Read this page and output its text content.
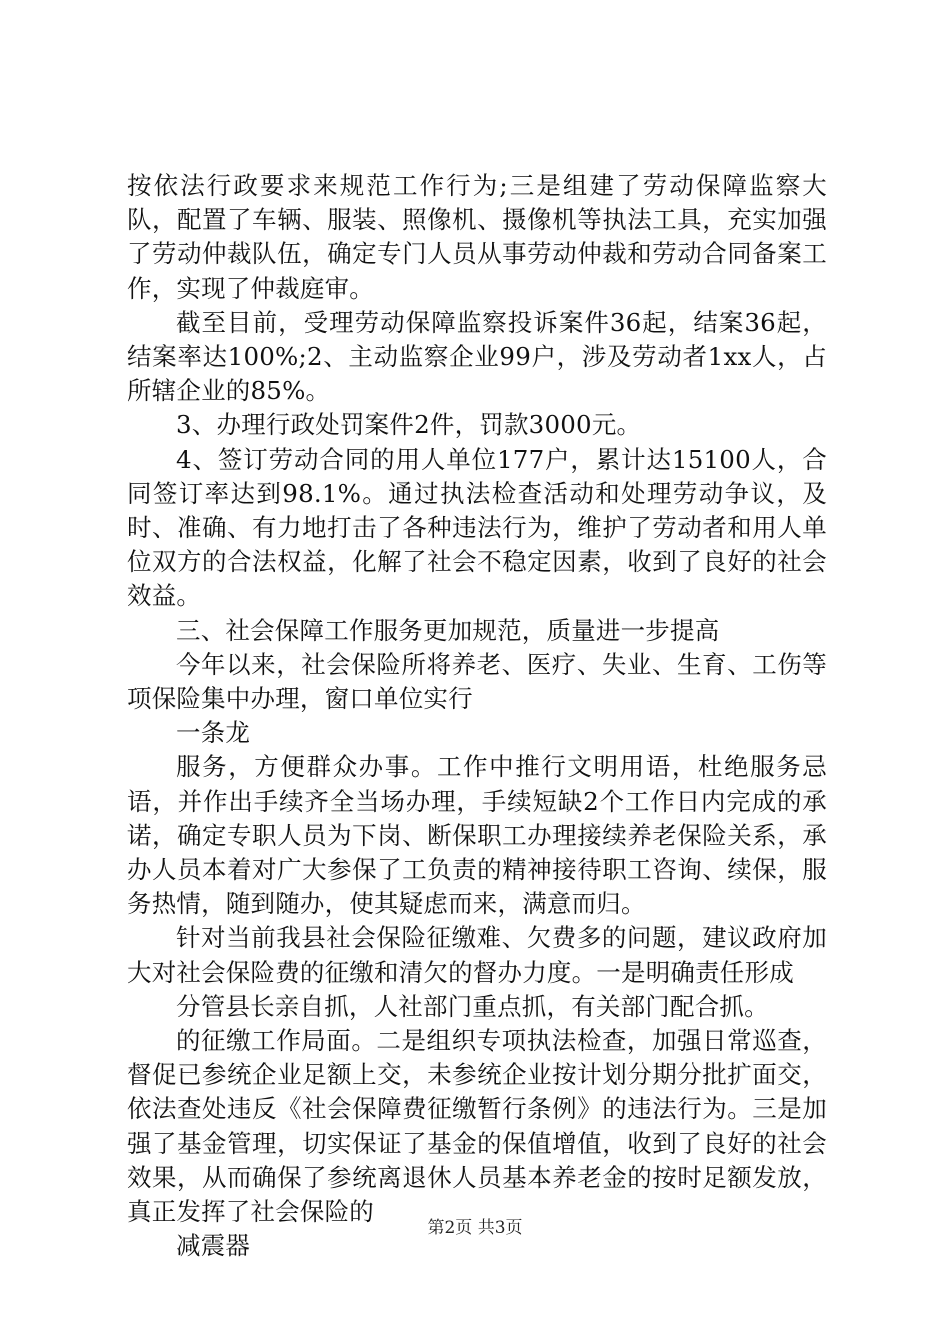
按依法行政要求来规范工作行为;三是组建了劳动保障监察大队，配置了车辆、服装、照像机、摄像机等执法工具，充实加强了劳动仲裁队伍，确定专门人员从事劳动仲裁和劳动合同备案工作，实现了仲裁庭审。

截至目前，受理劳动保障监察投诉案件36起，结案36起，结案率达100%;2、主动监察企业99户，涉及劳动者1xx人，占所辖企业的85%。

3、办理行政处罚案件2件，罚款3000元。

4、签订劳动合同的用人单位177户，累计达15100人，合同签订率达到98.1%。通过执法检查活动和处理劳动争议，及时、准确、有力地打击了各种违法行为，维护了劳动者和用人单位双方的合法权益，化解了社会不稳定因素，收到了良好的社会效益。

三、社会保障工作服务更加规范，质量进一步提高

今年以来，社会保险所将养老、医疗、失业、生育、工伤等项保险集中办理，窗口单位实行

一条龙

服务，方便群众办事。工作中推行文明用语，杜绝服务忌语，并作出手续齐全当场办理，手续短缺2个工作日内完成的承诺，确定专职人员为下岗、断保职工办理接续养老保险关系，承办人员本着对广大参保了工负责的精神接待职工咨询、续保，服务热情，随到随办，使其疑虑而来，满意而归。

针对当前我县社会保险征缴难、欠费多的问题，建议政府加大对社会保险费的征缴和清欠的督办力度。一是明确责任形成

分管县长亲自抓，人社部门重点抓，有关部门配合抓。

的征缴工作局面。二是组织专项执法检查，加强日常巡查，督促已参统企业足额上交，未参统企业按计划分期分批扩面交，依法查处违反《社会保障费征缴暂行条例》的违法行为。三是加强了基金管理，切实保证了基金的保值增值，收到了良好的社会效果，从而确保了参统离退休人员基本养老金的按时足额发放，真正发挥了社会保险的

减震器

第2页 共3页
